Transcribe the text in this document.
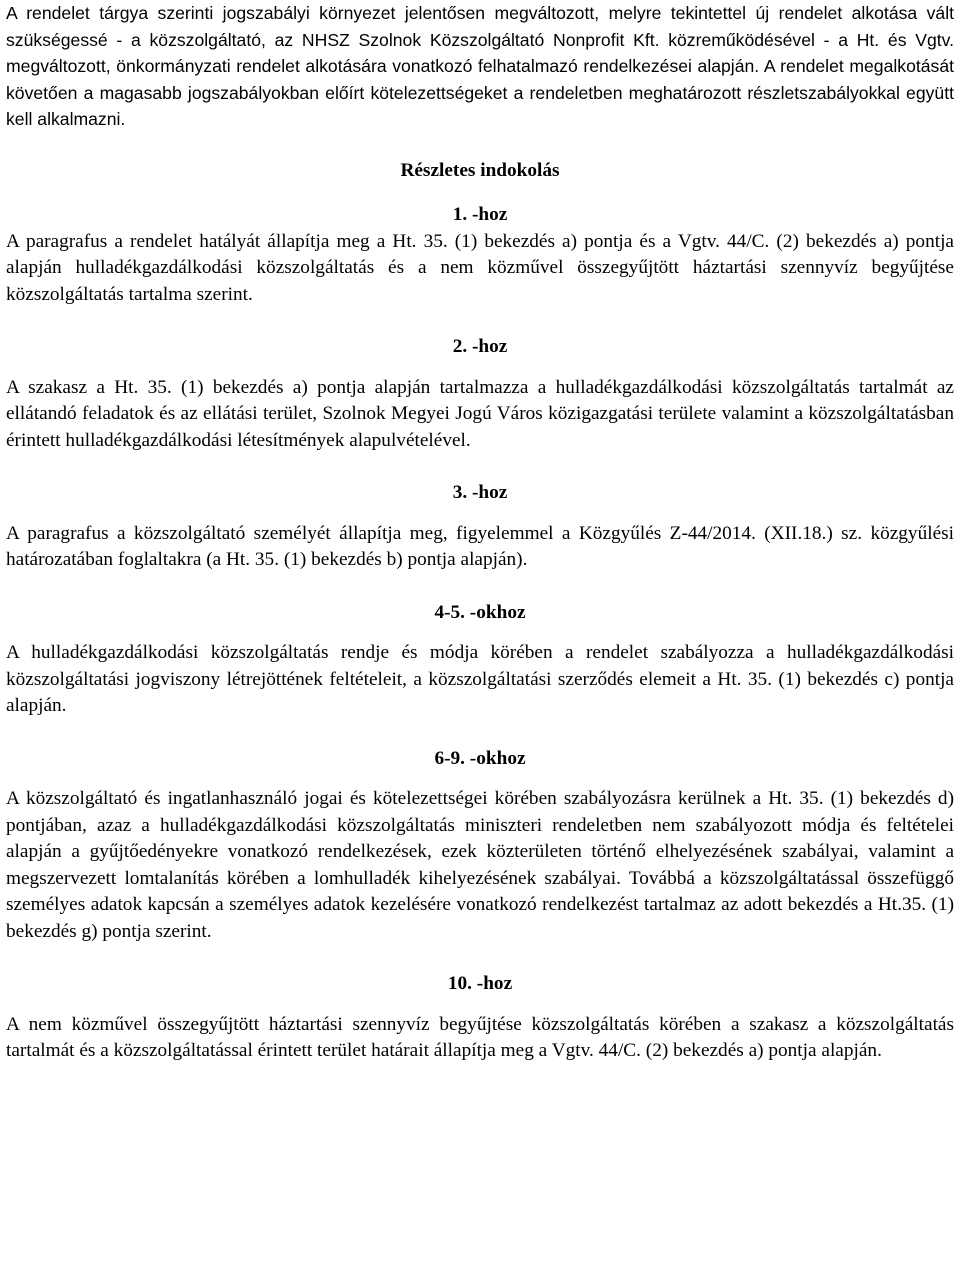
A rendelet tárgya szerinti jogszabályi környezet jelentősen megváltozott, melyre tekintettel új rendelet alkotása vált szükségessé - a közszolgáltató, az NHSZ Szolnok Közszolgáltató Nonprofit Kft. közreműködésével - a Ht. és Vgtv. megváltozott, önkormányzati rendelet alkotására vonatkozó felhatalmazó rendelkezései alapján. A rendelet megalkotását követően a magasabb jogszabályokban előírt kötelezettségeket a rendeletben meghatározott részletszabályokkal együtt kell alkalmazni.

Részletes indokolás

1. -hoz

A paragrafus a rendelet hatályát állapítja meg a Ht. 35. (1) bekezdés a) pontja és a Vgtv. 44/C. (2) bekezdés a) pontja alapján hulladékgazdálkodási közszolgáltatás és a nem közművel összegyűjtött háztartási szennyvíz begyűjtése közszolgáltatás tartalma szerint.

2. -hoz

A szakasz a Ht. 35. (1) bekezdés a) pontja alapján tartalmazza a hulladékgazdálkodási közszolgáltatás tartalmát az ellátandó feladatok és az ellátási terület, Szolnok Megyei Jogú Város közigazgatási területe valamint a közszolgáltatásban érintett hulladékgazdálkodási létesítmények alapulvételével.

3. -hoz

A paragrafus a közszolgáltató személyét állapítja meg, figyelemmel a Közgyűlés Z-44/2014. (XII.18.) sz. közgyűlési határozatában foglaltakra (a Ht. 35. (1) bekezdés b) pontja alapján).

4-5. -okhoz

A hulladékgazdálkodási közszolgáltatás rendje és módja körében a rendelet szabályozza a hulladékgazdálkodási közszolgáltatási jogviszony létrejöttének feltételeit, a közszolgáltatási szerződés elemeit a Ht. 35. (1) bekezdés c) pontja alapján.

6-9. -okhoz

A közszolgáltató és ingatlanhasználó jogai és kötelezettségei körében szabályozásra kerülnek a Ht. 35. (1) bekezdés d) pontjában, azaz a hulladékgazdálkodási közszolgáltatás miniszteri rendeletben nem szabályozott módja és feltételei alapján a gyűjtőedényekre vonatkozó rendelkezések, ezek közterületen történő elhelyezésének szabályai, valamint a megszervezett lomtalanítás körében a lomhulladék kihelyezésének szabályai. Továbbá a közszolgáltatással összefüggő személyes adatok kapcsán a személyes adatok kezelésére vonatkozó rendelkezést tartalmaz az adott bekezdés a Ht.35. (1) bekezdés g) pontja szerint.

10. -hoz

A nem közművel összegyűjtött háztartási szennyvíz begyűjtése közszolgáltatás körében a szakasz a közszolgáltatás tartalmát és a közszolgáltatással érintett terület határait állapítja meg a Vgtv. 44/C. (2) bekezdés a) pontja alapján.
